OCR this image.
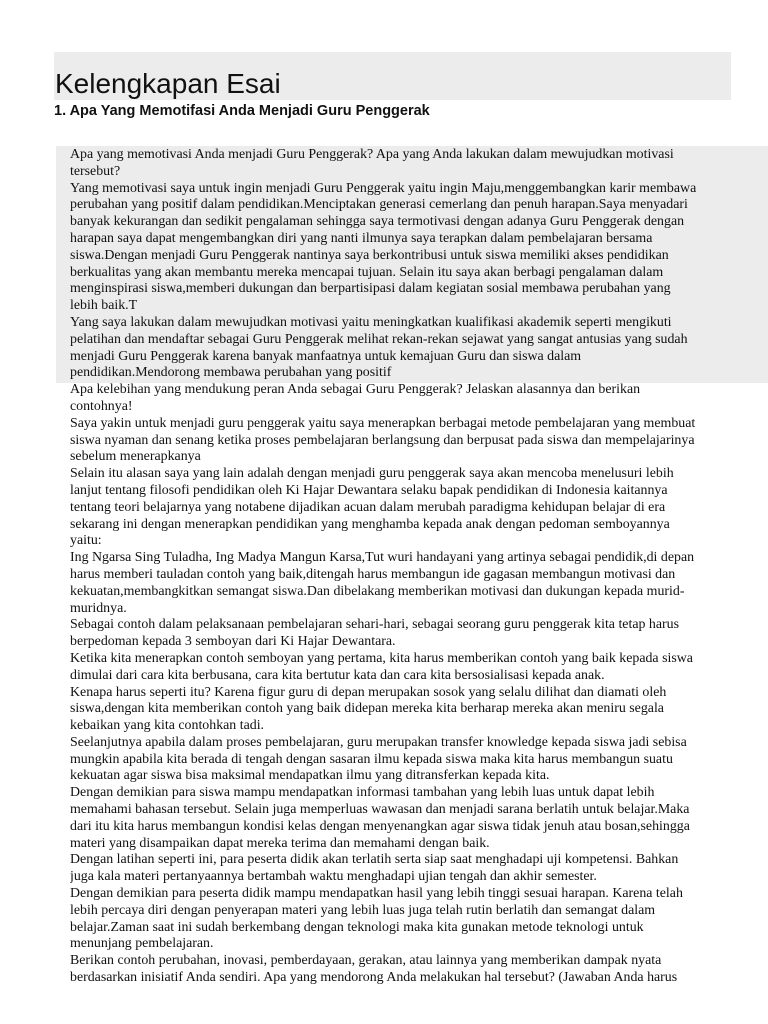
Kelengkapan Esai
1. Apa Yang Memotifasi Anda Menjadi Guru Penggerak
Apa yang memotivasi Anda menjadi Guru Penggerak? Apa yang Anda lakukan dalam mewujudkan motivasi
tersebut?
Yang memotivasi saya untuk ingin menjadi Guru Penggerak yaitu ingin Maju,menggembangkan karir membawa
perubahan yang positif dalam pendidikan.Menciptakan generasi cemerlang dan penuh harapan.Saya menyadari
banyak kekurangan dan sedikit pengalaman sehingga saya termotivasi dengan adanya Guru Penggerak dengan
harapan saya dapat mengembangkan diri yang nanti ilmunya saya terapkan dalam pembelajaran bersama
siswa.Dengan menjadi Guru Penggerak nantinya saya berkontribusi untuk siswa memiliki akses pendidikan
berkualitas yang akan membantu mereka mencapai tujuan. Selain itu saya akan berbagi pengalaman dalam
menginspirasi siswa,memberi dukungan dan berpartisipasi dalam kegiatan sosial membawa perubahan yang
lebih baik.T
Yang saya lakukan dalam mewujudkan motivasi yaitu meningkatkan kualifikasi akademik seperti mengikuti
pelatihan dan mendaftar sebagai Guru Penggerak melihat rekan-rekan sejawat yang sangat antusias yang sudah
menjadi Guru Penggerak karena banyak manfaatnya untuk kemajuan Guru dan siswa dalam
pendidikan.Mendorong membawa perubahan yang positif
Apa kelebihan yang mendukung peran Anda sebagai Guru Penggerak? Jelaskan alasannya dan berikan
contohnya!
Saya yakin untuk menjadi guru penggerak yaitu saya menerapkan berbagai metode pembelajaran yang membuat
siswa nyaman dan senang ketika proses pembelajaran berlangsung dan berpusat pada siswa dan mempelajarinya
sebelum menerapkanya
Selain itu alasan saya yang lain adalah dengan menjadi guru penggerak saya akan mencoba menelusuri lebih
lanjut tentang filosofi pendidikan oleh Ki Hajar Dewantara selaku bapak pendidikan di Indonesia kaitannya
tentang teori belajarnya yang notabene dijadikan acuan dalam merubah paradigma kehidupan belajar di era
sekarang ini dengan menerapkan pendidikan yang menghamba kepada anak dengan pedoman semboyannya
yaitu:
Ing Ngarsa Sing Tuladha, Ing Madya Mangun Karsa,Tut wuri handayani yang artinya sebagai pendidik,di depan
harus memberi tauladan contoh yang baik,ditengah harus membangun ide gagasan membangun motivasi dan
kekuatan,membangkitkan semangat siswa.Dan dibelakang memberikan motivasi dan dukungan kepada murid-
muridnya.
Sebagai contoh dalam pelaksanaan pembelajaran sehari-hari, sebagai seorang guru penggerak kita tetap harus
berpedoman kepada 3 semboyan dari Ki Hajar Dewantara.
Ketika kita menerapkan contoh semboyan yang pertama, kita harus memberikan contoh yang baik kepada siswa
dimulai dari cara kita berbusana, cara kita bertutur kata dan cara kita bersosialisasi kepada anak.
Kenapa harus seperti itu? Karena figur guru di depan merupakan sosok yang selalu dilihat dan diamati oleh
siswa,dengan kita memberikan contoh yang baik didepan mereka kita berharap mereka akan meniru segala
kebaikan yang kita contohkan tadi.
Seelanjutnya apabila dalam proses pembelajaran, guru merupakan transfer knowledge kepada siswa jadi sebisa
mungkin apabila kita berada di tengah dengan sasaran ilmu kepada siswa maka kita harus membangun suatu
kekuatan agar siswa bisa maksimal mendapatkan ilmu yang ditransferkan kepada kita.
Dengan demikian para siswa mampu mendapatkan informasi tambahan yang lebih luas untuk dapat lebih
memahami bahasan tersebut. Selain juga memperluas wawasan dan menjadi sarana berlatih untuk belajar.Maka
dari itu kita harus membangun kondisi kelas dengan menyenangkan agar siswa tidak jenuh atau bosan,sehingga
materi yang disampaikan dapat mereka terima dan memahami dengan baik.
Dengan latihan seperti ini, para peserta didik akan terlatih serta siap saat menghadapi uji kompetensi. Bahkan
juga kala materi pertanyaannya bertambah waktu menghadapi ujian tengah dan akhir semester.
Dengan demikian para peserta didik mampu mendapatkan hasil yang lebih tinggi sesuai harapan. Karena telah
lebih percaya diri dengan penyerapan materi yang lebih luas juga telah rutin berlatih dan semangat dalam
belajar.Zaman saat ini sudah berkembang dengan teknologi maka kita gunakan metode teknologi untuk
menunjang pembelajaran.
Berikan contoh perubahan, inovasi, pemberdayaan, gerakan, atau lainnya yang memberikan dampak nyata
berdasarkan inisiatif Anda sendiri. Apa yang mendorong Anda melakukan hal tersebut? (Jawaban Anda harus
